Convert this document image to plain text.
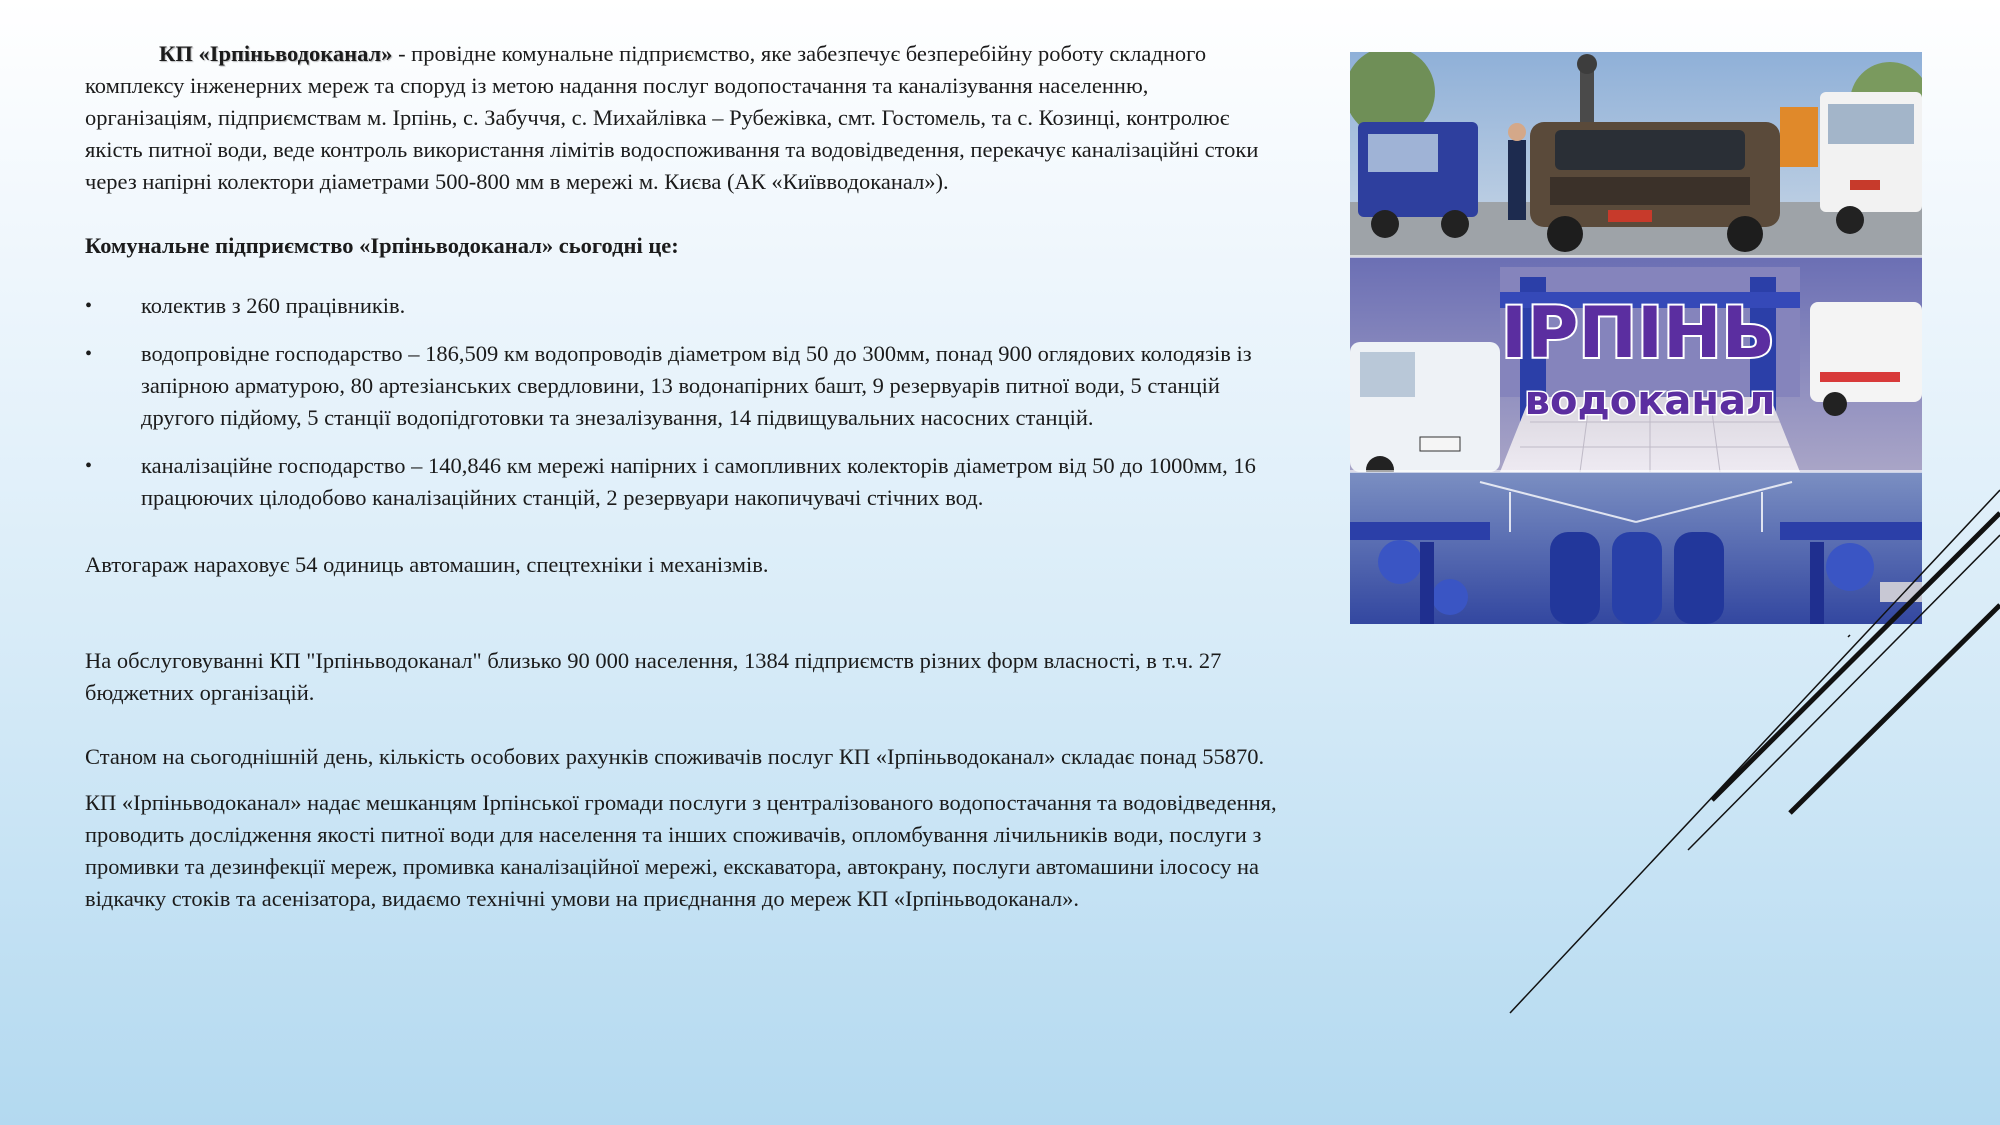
КП «Ірпіньводоканал» - провідне комунальне підприємство, яке забезпечує безперебійну роботу складного комплексу інженерних мереж та споруд із метою надання послуг водопостачання та каналізування населенню, організаціям, підприємствам м. Ірпінь, с. Забуччя, с. Михайлівка – Рубежівка, смт. Гостомель, та с. Козинці, контролює якість питної води, веде контроль використання лімітів водоспоживання та водовідведення, перекачує каналізаційні стоки через напірні колектори діаметрами 500-800 мм в мережі м. Києва (АК «Київводоканал»).

Комунальне підприємство «Ірпіньводоканал» сьогодні це:

•	колектив з 260 працівників.
•	водопровідне господарство – 186,509 км водопроводів діаметром від 50 до 300мм, понад 900 оглядових колодязів із запірною арматурою, 80 артезіанських свердловини, 13 водонапірних башт, 9 резервуарів питної води, 5 станцій другого підйому, 5 станції водопідготовки та знезалізування, 14 підвищувальних насосних станцій.
•	каналізаційне господарство – 140,846 км мережі напірних і самопливних колекторів діаметром від 50 до 1000мм, 16 працюючих цілодобово каналізаційних станцій, 2 резервуари накопичувачі стічних вод.

Автогараж нараховує 54 одиниць автомашин, спецтехніки і механізмів.

На обслуговуванні КП "Ірпіньводоканал" близько 90 000 населення, 1384 підприємств різних форм власності, в т.ч. 27 бюджетних організацій.

Станом на сьогоднішній день, кількість особових рахунків споживачів послуг КП «Ірпіньводоканал» складає понад 55870.

КП «Ірпіньводоканал» надає мешканцям Ірпінської громади послуги з централізованого водопостачання та водовідведення, проводить дослідження якості питної води для населення та інших споживачів, опломбування лічильників води, послуги з промивки та дезинфекції мереж, промивка каналізаційної мережі, екскаватора, автокрану, послуги автомашини ілососу на відкачку стоків та асенізатора, видаємо технічні умови на приєднання до мереж КП «Ірпіньводоканал».

ІРПІНЬ
водоканал
